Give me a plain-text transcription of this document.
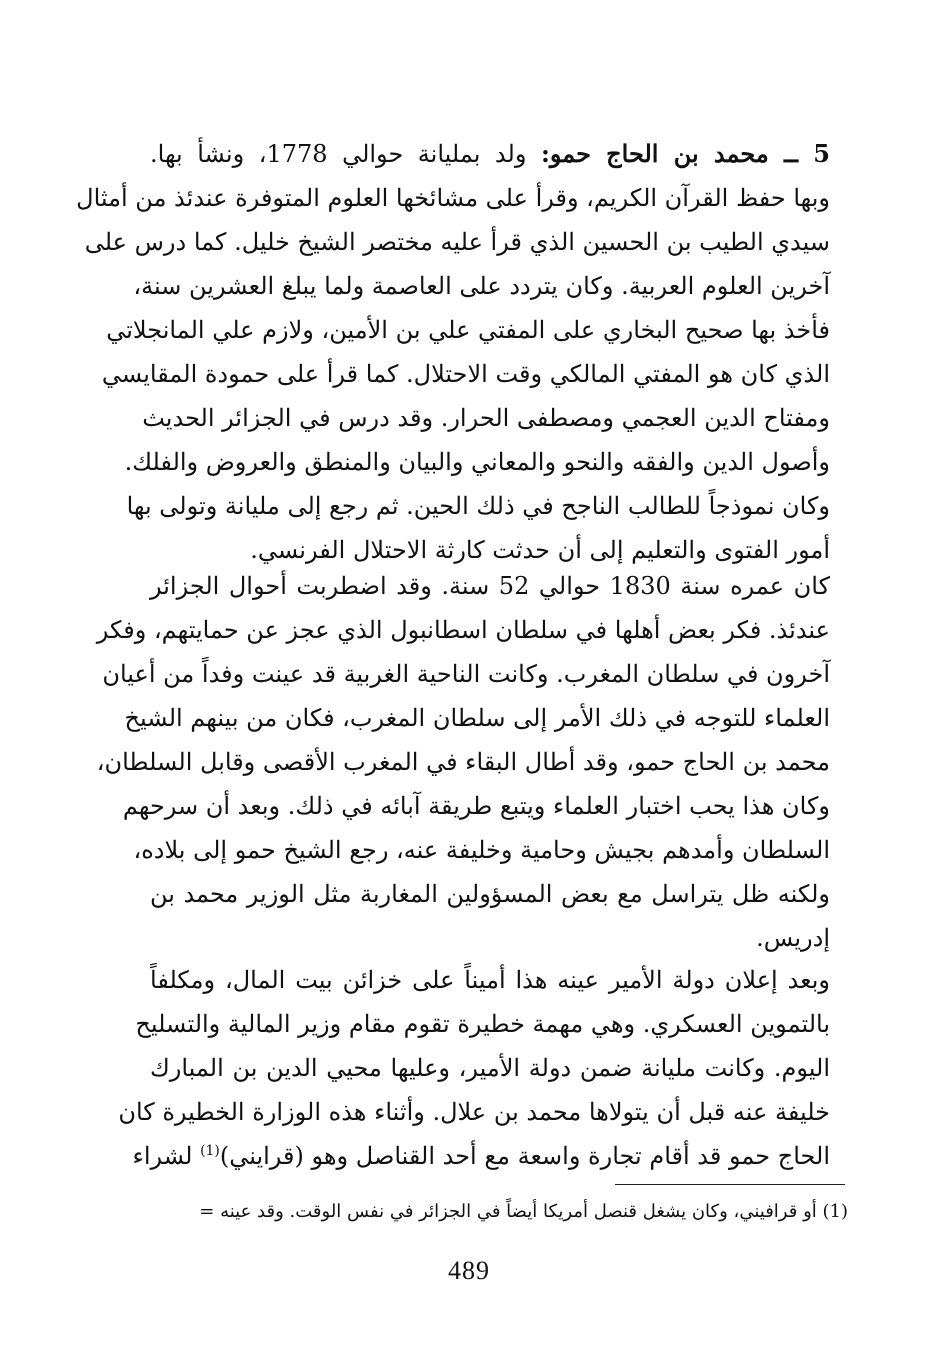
5 ــ محمد بن الحاج حمو: ولد بمليانة حوالي 1778، ونشأ بها.
وبها حفظ القرآن الكريم، وقرأ على مشائخها العلوم المتوفرة عندئذ من أمثال
سيدي الطيب بن الحسين الذي قرأ عليه مختصر الشيخ خليل. كما درس على
آخرين العلوم العربية. وكان يتردد على العاصمة ولما يبلغ العشرين سنة،
فأخذ بها صحيح البخاري على المفتي علي بن الأمين، ولازم علي المانجلاتي
الذي كان هو المفتي المالكي وقت الاحتلال. كما قرأ على حمودة المقايسي
ومفتاح الدين العجمي ومصطفى الحرار. وقد درس في الجزائر الحديث
وأصول الدين والفقه والنحو والمعاني والبيان والمنطق والعروض والفلك.
وكان نموذجاً للطالب الناجح في ذلك الحين. ثم رجع إلى مليانة وتولى بها
أمور الفتوى والتعليم إلى أن حدثت كارثة الاحتلال الفرنسي.
كان عمره سنة 1830 حوالي 52 سنة. وقد اضطربت أحوال الجزائر
عندئذ. فكر بعض أهلها في سلطان اسطانبول الذي عجز عن حمايتهم، وفكر
آخرون في سلطان المغرب. وكانت الناحية الغربية قد عينت وفداً من أعيان
العلماء للتوجه في ذلك الأمر إلى سلطان المغرب، فكان من بينهم الشيخ
محمد بن الحاج حمو، وقد أطال البقاء في المغرب الأقصى وقابل السلطان،
وكان هذا يحب اختبار العلماء ويتبع طريقة آبائه في ذلك. وبعد أن سرحهم
السلطان وأمدهم بجيش وحامية وخليفة عنه، رجع الشيخ حمو إلى بلاده،
ولكنه ظل يتراسل مع بعض المسؤولين المغاربة مثل الوزير محمد بن
إدريس.
وبعد إعلان دولة الأمير عينه هذا أميناً على خزائن بيت المال، ومكلفاً
بالتموين العسكري. وهي مهمة خطيرة تقوم مقام وزير المالية والتسليح
اليوم. وكانت مليانة ضمن دولة الأمير، وعليها محيي الدين بن المبارك
خليفة عنه قبل أن يتولاها محمد بن علال. وأثناء هذه الوزارة الخطيرة كان
الحاج حمو قد أقام تجارة واسعة مع أحد القناصل وهو (قرايني)$^{(1)}$ لشراء
(1) أو قرافيني، وكان يشغل قنصل أمريكا أيضاً في الجزائر في نفس الوقت. وقد عينه =
489
